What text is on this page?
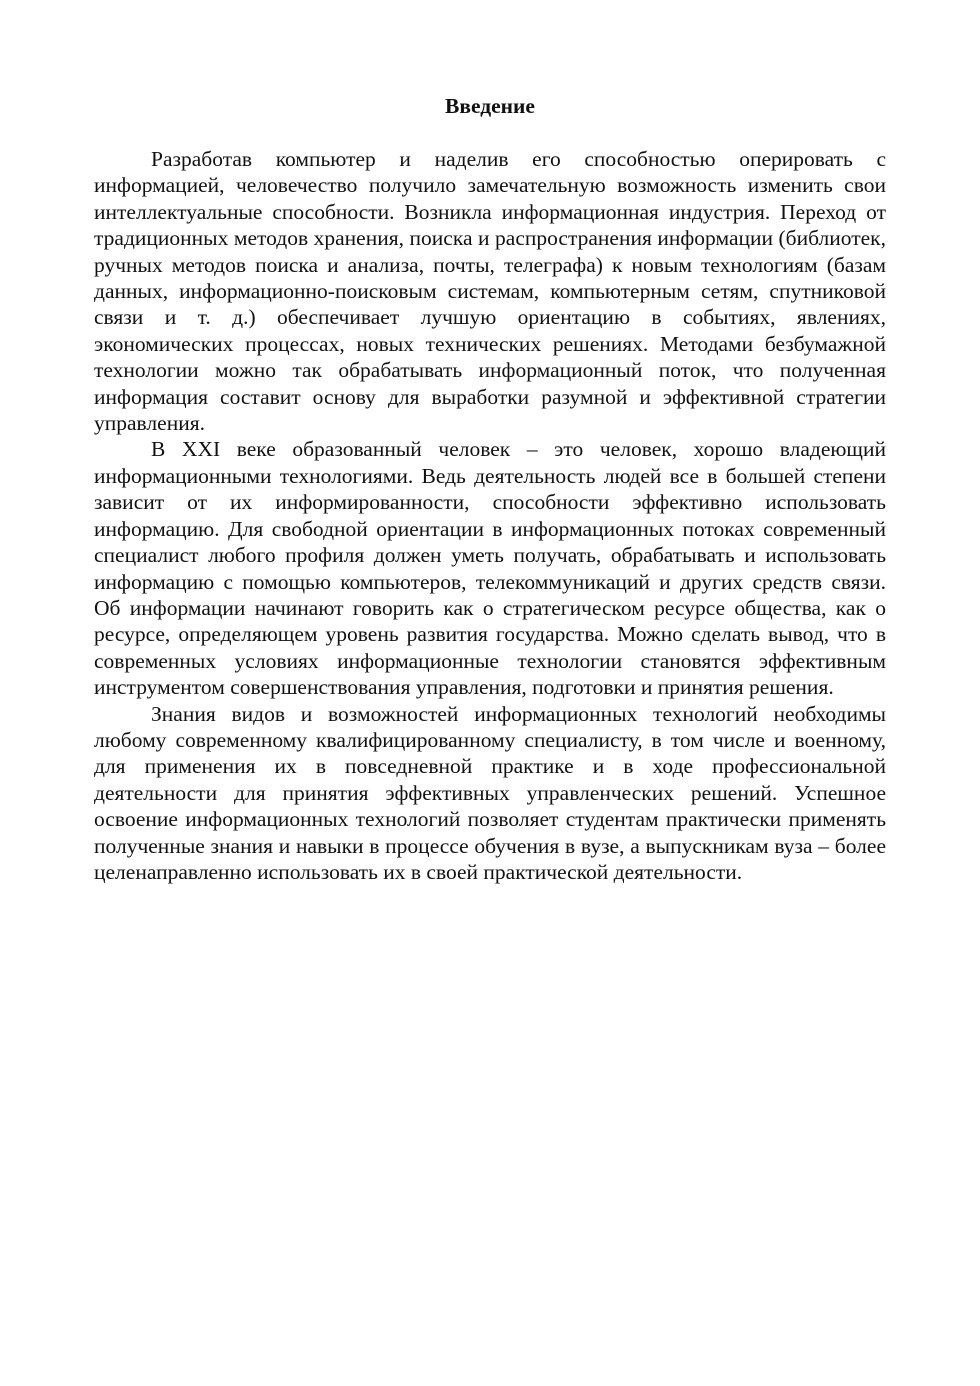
Введение

Разработав компьютер и наделив его способностью оперировать с информацией, человечество получило замечательную возможность изменить свои интеллектуальные способности. Возникла информационная индустрия. Переход от традиционных методов хранения, поиска и распространения информации (библиотек, ручных методов поиска и анализа, почты, телеграфа) к новым технологиям (базам данных, информационно-поисковым системам, компьютерным сетям, спутниковой связи и т. д.) обеспечивает лучшую ориентацию в событиях, явлениях, экономических процессах, новых технических решениях. Методами безбумажной технологии можно так обрабатывать информационный поток, что полученная информация составит основу для выработки разумной и эффективной стратегии управления.

В XXI веке образованный человек – это человек, хорошо владеющий информационными технологиями. Ведь деятельность людей все в большей степени зависит от их информированности, способности эффективно использовать информацию. Для свободной ориентации в информационных потоках современный специалист любого профиля должен уметь получать, обрабатывать и использовать информацию с помощью компьютеров, телекоммуникаций и других средств связи. Об информации начинают говорить как о стратегическом ресурсе общества, как о ресурсе, определяющем уровень развития государства. Можно сделать вывод, что в современных условиях информационные технологии становятся эффективным инструментом совершенствования управления, подготовки и принятия решения.

Знания видов и возможностей информационных технологий необходимы любому современному квалифицированному специалисту, в том числе и военному, для применения их в повседневной практике и в ходе профессиональной деятельности для принятия эффективных управленческих решений. Успешное освоение информационных технологий позволяет студентам практически применять полученные знания и навыки в процессе обучения в вузе, а выпускникам вуза – более целенаправленно использовать их в своей практической деятельности.
